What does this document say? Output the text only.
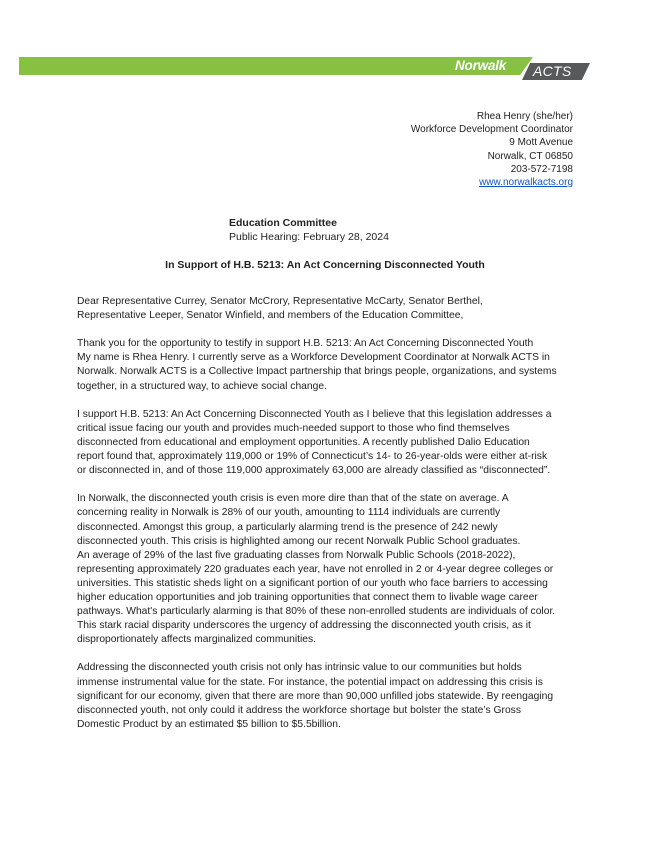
Norwalk ACTS
Rhea Henry (she/her)
Workforce Development Coordinator
9 Mott Avenue
Norwalk, CT 06850
203-572-7198
www.norwalkacts.org
Education Committee
Public Hearing: February 28, 2024
In Support of H.B. 5213: An Act Concerning Disconnected Youth

Dear Representative Currey, Senator McCrory, Representative McCarty, Senator Berthel,
Representative Leeper, Senator Winfield, and members of the Education Committee,

Thank you for the opportunity to testify in support H.B. 5213: An Act Concerning Disconnected Youth
My name is Rhea Henry. I currently serve as a Workforce Development Coordinator at Norwalk ACTS in
Norwalk. Norwalk ACTS is a Collective Impact partnership that brings people, organizations, and systems
together, in a structured way, to achieve social change.

I support H.B. 5213: An Act Concerning Disconnected Youth as I believe that this legislation addresses a
critical issue facing our youth and provides much-needed support to those who find themselves
disconnected from educational and employment opportunities. A recently published Dalio Education
report found that, approximately 119,000 or 19% of Connecticut’s 14- to 26-year-olds were either at-risk
or disconnected in, and of those 119,000 approximately 63,000 are already classified as “disconnected”.

In Norwalk, the disconnected youth crisis is even more dire than that of the state on average. A
concerning reality in Norwalk is 28% of our youth, amounting to 1114 individuals are currently
disconnected. Amongst this group, a particularly alarming trend is the presence of 242 newly
disconnected youth. This crisis is highlighted among our recent Norwalk Public School graduates.
An average of 29% of the last five graduating classes from Norwalk Public Schools (2018-2022),
representing approximately 220 graduates each year, have not enrolled in 2 or 4-year degree colleges or
universities. This statistic sheds light on a significant portion of our youth who face barriers to accessing
higher education opportunities and job training opportunities that connect them to livable wage career
pathways. What's particularly alarming is that 80% of these non-enrolled students are individuals of color.
This stark racial disparity underscores the urgency of addressing the disconnected youth crisis, as it
disproportionately affects marginalized communities.

Addressing the disconnected youth crisis not only has intrinsic value to our communities but holds
immense instrumental value for the state. For instance, the potential impact on addressing this crisis is
significant for our economy, given that there are more than 90,000 unfilled jobs statewide. By reengaging
disconnected youth, not only could it address the workforce shortage but bolster the state’s Gross
Domestic Product by an estimated $5 billion to $5.5billion.
